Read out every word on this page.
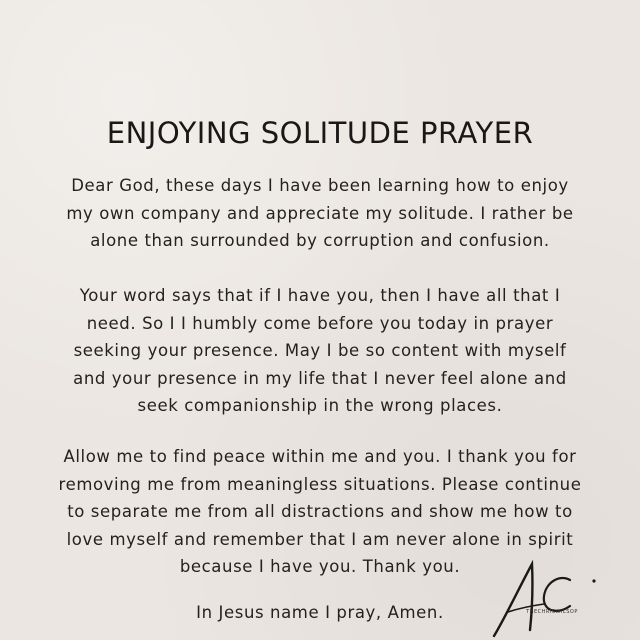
ENJOYING SOLITUDE PRAYER
Dear God, these days I have been learning how to enjoy
my own company and appreciate my solitude. I rather be
alone than surrounded by corruption and confusion.
Your word says that if I have you, then I have all that I
need. So I I humbly come before you today in prayer
seeking your presence. May I be so content with myself
and your presence in my life that I never feel alone and
seek companionship in the wrong places.
Allow me to find peace within me and you. I thank you for
removing me from meaningless situations. Please continue
to separate me from all distractions and show me how to
love myself and remember that I am never alone in spirit
because I have you. Thank you.
In Jesus name I pray, Amen.	THECHRISWILSOP
